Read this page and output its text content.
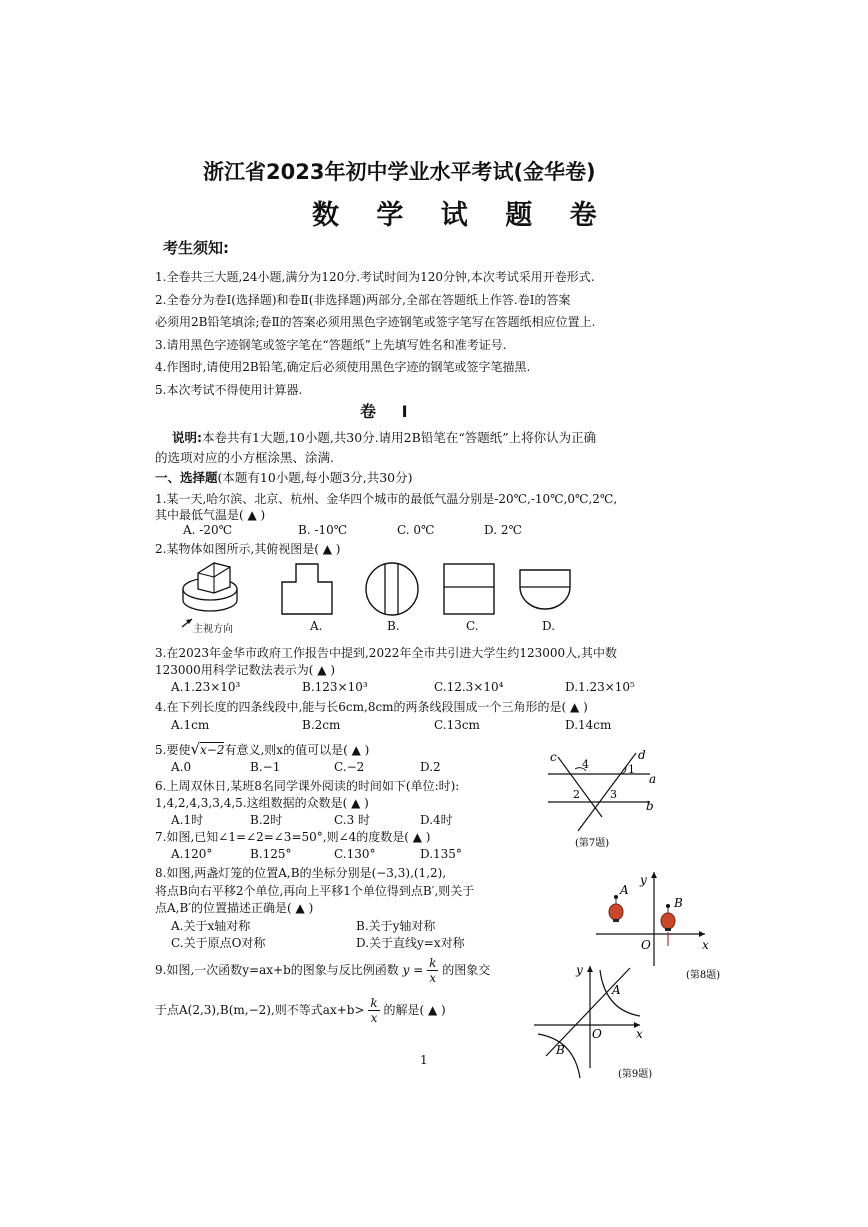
浙江省2023年初中学业水平考试(金华卷)
数 学 试 题 卷
考生须知:
1.全卷共三大题,24小题,满分为120分.考试时间为120分钟,本次考试采用开卷形式.
2.全卷分为卷Ⅰ(选择题)和卷Ⅱ(非选择题)两部分,全部在答题纸上作答.卷Ⅰ的答案
必须用2B铅笔填涂;卷Ⅱ的答案必须用黑色字迹钢笔或签字笔写在答题纸相应位置上.
3.请用黑色字迹钢笔或签字笔在“答题纸”上先填写姓名和准考证号.
4.作图时,请使用2B铅笔,确定后必须使用黑色字迹的钢笔或签字笔描黑.
5.本次考试不得使用计算器.
卷 Ⅰ
说明:本卷共有1大题,10小题,共30分.请用2B铅笔在“答题纸”上将你认为正确
的选项对应的小方框涂黑、涂满.
一、选择题(本题有10小题,每小题3分,共30分)
1.某一天,哈尔滨、北京、杭州、金华四个城市的最低气温分别是-20℃,-10℃,0℃,2℃,
其中最低气温是( ▲ )
A. -20℃	B. -10℃	C. 0℃	D. 2℃
2.某物体如图所示,其俯视图是( ▲ )
主视方向	A.	B.	C.	D.
3.在2023年金华市政府工作报告中提到,2022年全市共引进大学生约123000人,其中数
123000用科学记数法表示为( ▲ )
A.1.23×10³	B.123×10³	C.12.3×10⁴	D.1.23×10⁵
4.在下列长度的四条线段中,能与长6cm,8cm的两条线段围成一个三角形的是( ▲ )
A.1cm	B.2cm	C.13cm	D.14cm
5.要使√x−2有意义,则x的值可以是( ▲ )
A.0	B.−1	C.−2	D.2
6.上周双休日,某班8名同学课外阅读的时间如下(单位:时):
1,4,2,4,3,3,4,5.这组数据的众数是( ▲ )
A.1时	B.2时	C.3 时	D.4时
7.如图,已知∠1=∠2=∠3=50°,则∠4的度数是( ▲ )
A.120°	B.125°	C.130°	D.135°
c	d
4	1
a
2	3
b
(第7题)
8.如图,两盏灯笼的位置A,B的坐标分别是(−3,3),(1,2),
将点B向右平移2个单位,再向上平移1个单位得到点B′,则关于
点A,B′的位置描述正确是( ▲ )
A.关于x轴对称	B.关于y轴对称
C.关于原点O对称	D.关于直线y=x对称
y
A
B
O	x
(第8题)
9.如图,一次函数y=ax+b的图象与反比例函数 $y = \frac{k}{x}$ 的图象交
于点A(2,3),B(m,−2),则不等式$ax+b> \frac{k}{x}$ 的解是( ▲ )
y
A
O	x
B
(第9题)
1
